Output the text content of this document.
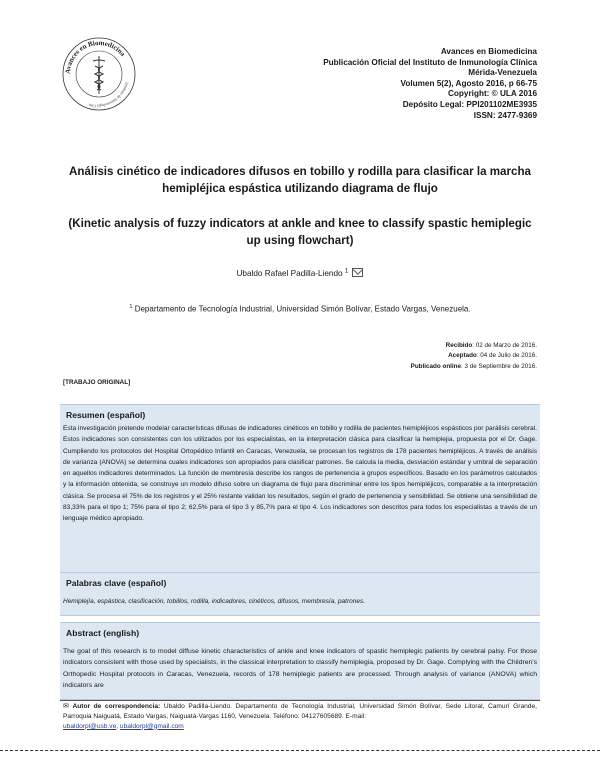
Avances en Biomedicina
Instituto de Inmunología Clín
Avances en Biomedicina
Publicación Oficial del Instituto de Inmunología Clínica
Mérida-Venezuela
Volumen 5(2), Agosto 2016, p 66-75
Copyright: © ULA 2016
Depósito Legal: PPI201102ME3935
ISSN: 2477-9369
Análisis cinético de indicadores difusos en tobillo y rodilla para clasificar la marcha hemipléjica espástica utilizando diagrama de flujo
(Kinetic analysis of fuzzy indicators at ankle and knee to classify spastic hemiplegic up using flowchart)
Ubaldo Rafael Padilla-Liendo $^1$
$^1$ Departamento de Tecnología Industrial, Universidad Simón Bolívar, Estado Vargas, Venezuela.
Recibido: 02 de Marzo de 2016.
Aceptado: 04 de Julio de 2016.
Publicado online: 3 de Septiembre de 2016.
[TRABAJO ORIGINAL]
Resumen (español)
Esta investigación pretende modelar características difusas de indicadores cinéticos en tobillo y rodilla de pacientes hemipléjicos espásticos por parálisis cerebral. Estos indicadores son consistentes con los utilizados por los especialistas, en la interpretación clásica para clasificar la hemiplejia, propuesta por el Dr. Gage. Cumpliendo los protocolos del Hospital Ortopédico Infantil en Caracas, Venezuela, se procesan los registros de 178 pacientes hemipléjicos. A través de análisis de varianza (ANOVA) se determina cuales indicadores son apropiados para clasificar patrones. Se calcula la media, desviación estándar y umbral de separación en aquellos indicadores determinados. La función de membresía describe los rangos de pertenencia a grupos específicos. Basado en los parámetros calculados y la información obtenida, se construye un modelo difuso sobre un diagrama de flujo para discriminar entre los tipos hemipléjicos, comparable a la interpretación clásica. Se procesa el 75% de los registros y el 25% restante validan los resultados, según el grado de pertenencia y sensibilidad. Se obtiene una sensibilidad de 83,33% para el tipo 1; 75% para el tipo 2; 62,5% para el tipo 3 y 85,7% para el tipo 4. Los indicadores son descritos para todos los especialistas a través de un lenguaje médico apropiado.
Palabras clave (español)
Hemiplejía, espástica, clasificación, tobillos, rodilla, indicadores, cinéticos, difusos, membresía, patrones.
Abstract (english)
The goal of this research is to model diffuse kinetic characteristics of ankle and knee indicators of spastic hemiplegic patients by cerebral palsy. For those indicators consistent with those used by specialists, in the classical interpretation to classify hemiplegia, proposed by Dr. Gage. Complying with the Children's Orthopedic Hospital protocols in Caracas, Venezuela, records of 178 hemiplegic patients are processed. Through analysis of variance (ANOVA) which indicators are
✉ Autor de correspondencia: Ubaldo Padilla-Liendo. Departamento de Tecnología Industrial, Universidad Simón Bolívar, Sede Litoral, Camurí Grande, Parroquia Naiguatá, Estado Vargas, Naiguatá-Vargas 1160, Venezuela. Teléfono: 04127605689. E-mail:
ubaldorpl@usb.ve, ubaldorpl@gmail.com
